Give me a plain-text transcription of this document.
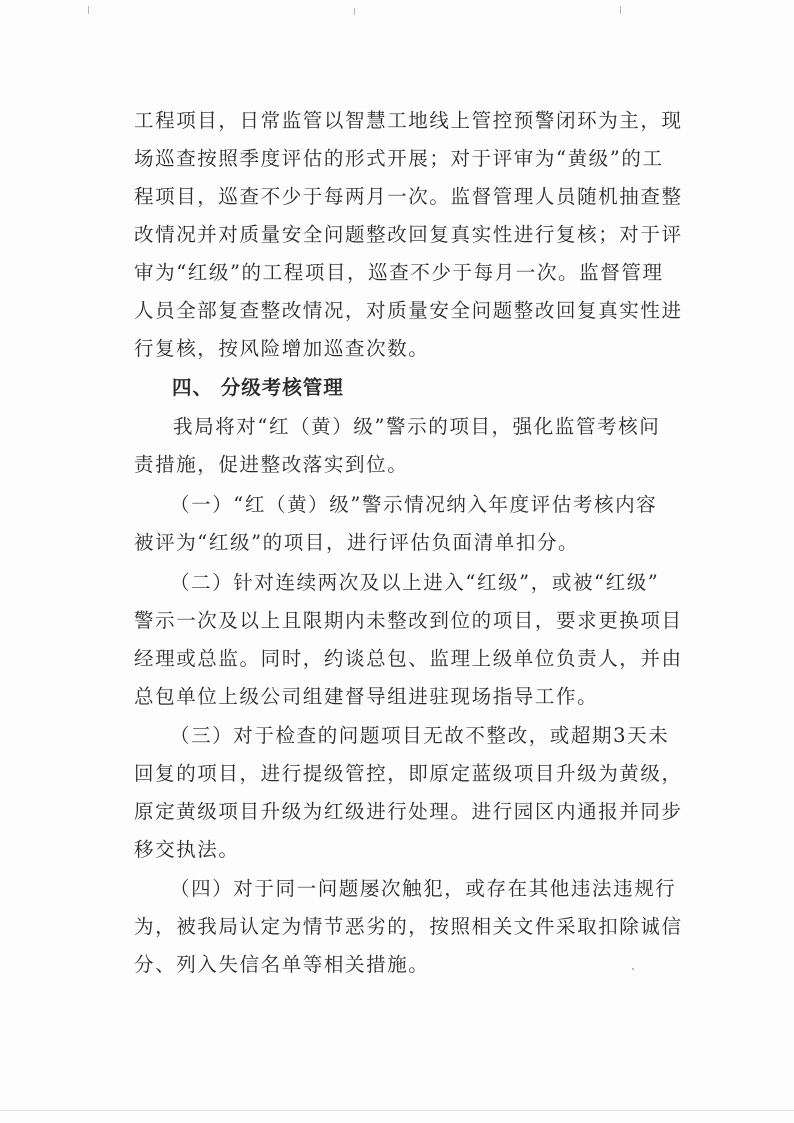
工程项目，日常监管以智慧工地线上管控预警闭环为主，现
场巡查按照季度评估的形式开展；对于评审为“黄级”的工
程项目，巡查不少于每两月一次。监督管理人员随机抽查整
改情况并对质量安全问题整改回复真实性进行复核；对于评
审为“红级”的工程项目，巡查不少于每月一次。监督管理
人员全部复查整改情况，对质量安全问题整改回复真实性进
行复核，按风险增加巡查次数。
四、 分级考核管理
我局将对“红（黄）级”警示的项目，强化监管考核问
责措施，促进整改落实到位。
（一）“红（黄）级”警示情况纳入年度评估考核内容
被评为“红级”的项目，进行评估负面清单扣分。
（二）针对连续两次及以上进入“红级”，或被“红级”
警示一次及以上且限期内未整改到位的项目，要求更换项目
经理或总监。同时，约谈总包、监理上级单位负责人，并由
总包单位上级公司组建督导组进驻现场指导工作。
（三）对于检查的问题项目无故不整改，或超期3天未
回复的项目，进行提级管控，即原定蓝级项目升级为黄级，
原定黄级项目升级为红级进行处理。进行园区内通报并同步
移交执法。
（四）对于同一问题屡次触犯，或存在其他违法违规行
为，被我局认定为情节恶劣的，按照相关文件采取扣除诚信
分、列入失信名单等相关措施。
